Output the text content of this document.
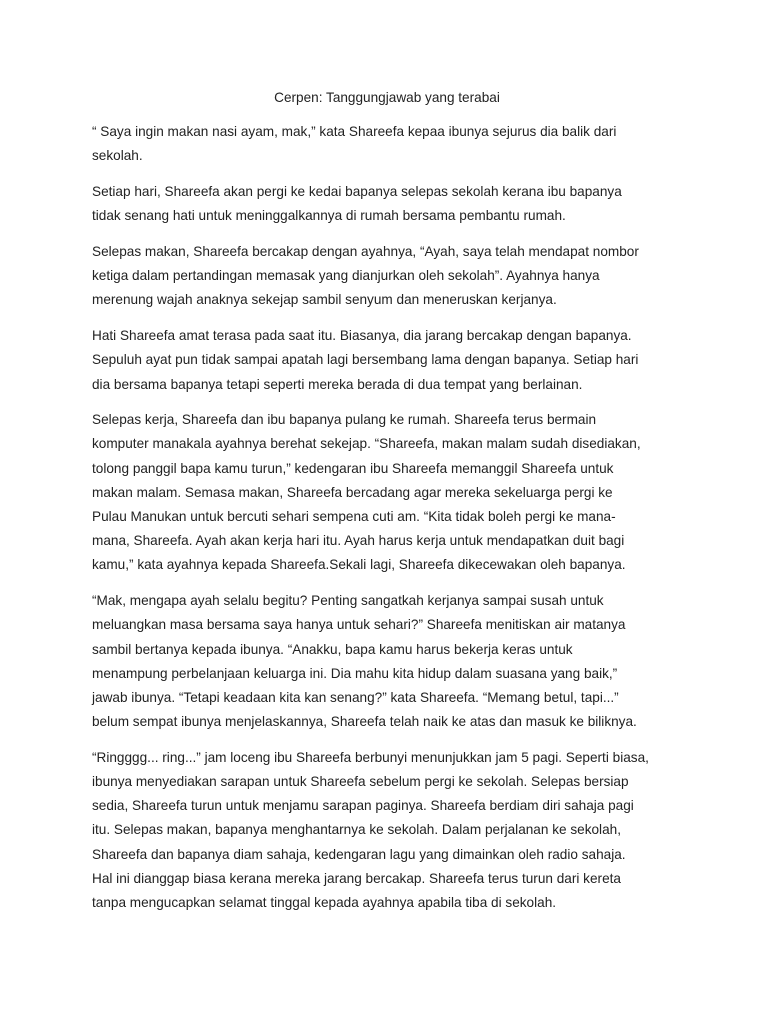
Cerpen: Tanggungjawab yang terabai

“ Saya ingin makan nasi ayam, mak,” kata Shareefa kepaa ibunya sejurus dia balik dari
sekolah.

Setiap hari, Shareefa akan pergi ke kedai bapanya selepas sekolah kerana ibu bapanya
tidak senang hati untuk meninggalkannya di rumah bersama pembantu rumah.

Selepas makan, Shareefa bercakap dengan ayahnya, “Ayah, saya telah mendapat nombor
ketiga dalam pertandingan memasak yang dianjurkan oleh sekolah”. Ayahnya hanya
merenung wajah anaknya sekejap sambil senyum dan meneruskan kerjanya.

Hati Shareefa amat terasa pada saat itu. Biasanya, dia jarang bercakap dengan bapanya.
Sepuluh ayat pun tidak sampai apatah lagi bersembang lama dengan bapanya. Setiap hari
dia bersama bapanya tetapi seperti mereka berada di dua tempat yang berlainan.

Selepas kerja, Shareefa dan ibu bapanya pulang ke rumah. Shareefa terus bermain
komputer manakala ayahnya berehat sekejap. “Shareefa, makan malam sudah disediakan,
tolong panggil bapa kamu turun,” kedengaran ibu Shareefa memanggil Shareefa untuk
makan malam. Semasa makan, Shareefa bercadang agar mereka sekeluarga pergi ke
Pulau Manukan untuk bercuti sehari sempena cuti am. “Kita tidak boleh pergi ke mana-
mana, Shareefa. Ayah akan kerja hari itu. Ayah harus kerja untuk mendapatkan duit bagi
kamu,” kata ayahnya kepada Shareefa.Sekali lagi, Shareefa dikecewakan oleh bapanya.

“Mak, mengapa ayah selalu begitu? Penting sangatkah kerjanya sampai susah untuk
meluangkan masa bersama saya hanya untuk sehari?” Shareefa menitiskan air matanya
sambil bertanya kepada ibunya. “Anakku, bapa kamu harus bekerja keras untuk
menampung perbelanjaan keluarga ini. Dia mahu kita hidup dalam suasana yang baik,”
jawab ibunya. “Tetapi keadaan kita kan senang?” kata Shareefa. “Memang betul, tapi...”
belum sempat ibunya menjelaskannya, Shareefa telah naik ke atas dan masuk ke biliknya.

“Ringggg... ring...” jam loceng ibu Shareefa berbunyi menunjukkan jam 5 pagi. Seperti biasa,
ibunya menyediakan sarapan untuk Shareefa sebelum pergi ke sekolah. Selepas bersiap
sedia, Shareefa turun untuk menjamu sarapan paginya. Shareefa berdiam diri sahaja pagi
itu. Selepas makan, bapanya menghantarnya ke sekolah. Dalam perjalanan ke sekolah,
Shareefa dan bapanya diam sahaja, kedengaran lagu yang dimainkan oleh radio sahaja.
Hal ini dianggap biasa kerana mereka jarang bercakap. Shareefa terus turun dari kereta
tanpa mengucapkan selamat tinggal kepada ayahnya apabila tiba di sekolah.
